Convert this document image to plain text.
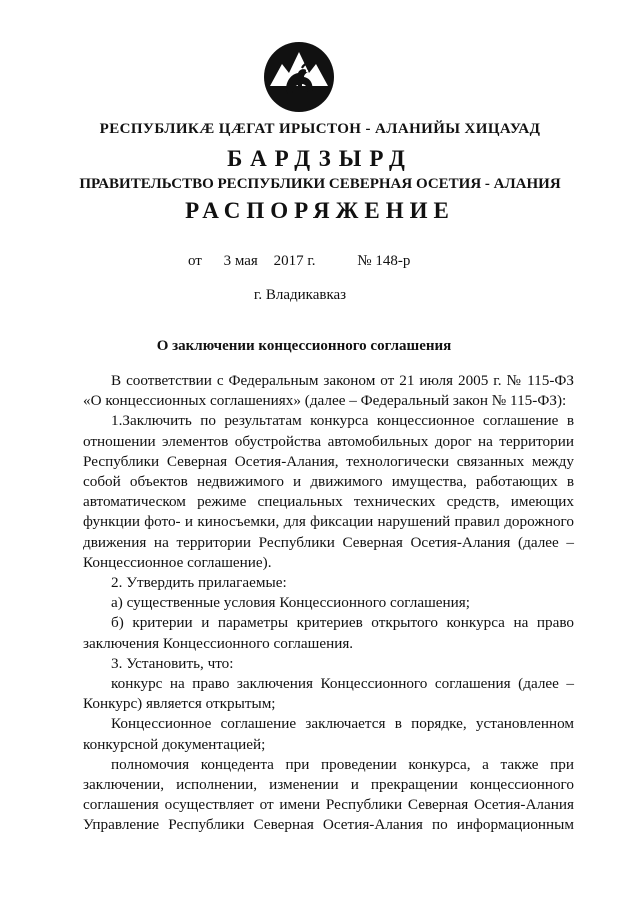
РЕСПУБЛИКӔ ЦӔГАТ ИРЫСТОН - АЛАНИЙЫ ХИЦАУАД
БАРДЗЫРД
ПРАВИТЕЛЬСТВО РЕСПУБЛИКИ СЕВЕРНАЯ ОСЕТИЯ - АЛАНИЯ
РАСПОРЯЖЕНИЕ
от 3 мая 2017 г.	№ 148-р
г. Владикавказ
О заключении концессионного соглашения

В соответствии с Федеральным законом от 21 июля 2005 г. № 115-ФЗ «О концессионных соглашениях» (далее – Федеральный закон № 115-ФЗ):

1.Заключить по результатам конкурса концессионное соглашение в отношении элементов обустройства автомобильных дорог на территории Республики Северная Осетия-Алания, технологически связанных между собой объектов недвижимого и движимого имущества, работающих в автоматическом режиме специальных технических средств, имеющих функции фото- и киносъемки, для фиксации нарушений правил дорожного движения на территории Республики Северная Осетия-Алания (далее – Концессионное соглашение).

2. Утвердить прилагаемые:

а) существенные условия Концессионного соглашения;

б) критерии и параметры критериев открытого конкурса на право заключения Концессионного соглашения.

3. Установить, что:

конкурс на право заключения Концессионного соглашения (далее – Конкурс) является открытым;

Концессионное соглашение заключается в порядке, установленном конкурсной документацией;

полномочия концедента при проведении конкурса, а также при заключении, исполнении, изменении и прекращении концессионного соглашения осуществляет от имени Республики Северная Осетия-Алания Управление Республики Северная Осетия-Алания по информационным
